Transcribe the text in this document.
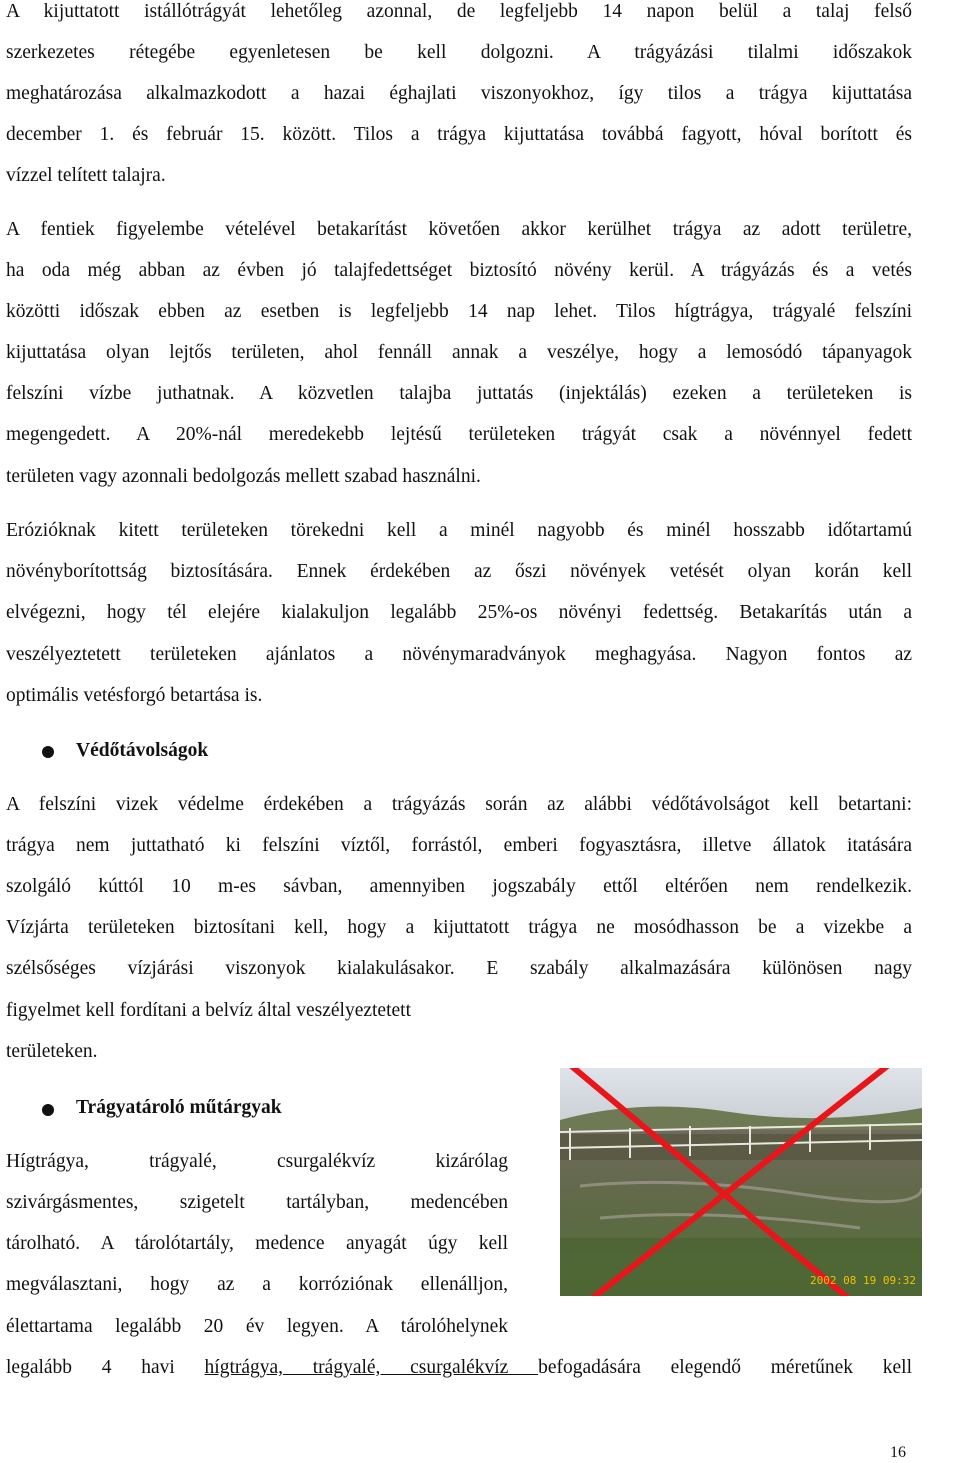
A kijuttatott istállótrágyát lehetőleg azonnal, de legfeljebb 14 napon belül a talaj felső
szerkezetes rétegébe egyenletesen be kell dolgozni. A trágyázási tilalmi időszakok
meghatározása alkalmazkodott a hazai éghajlati viszonyokhoz, így tilos a trágya kijuttatása
december 1. és február 15. között. Tilos a trágya kijuttatása továbbá fagyott, hóval borított és
vízzel telített talajra.
A fentiek figyelembe vételével betakarítást követően akkor kerülhet trágya az adott területre,
ha oda még abban az évben jó talajfedettséget biztosító növény kerül. A trágyázás és a vetés
közötti időszak ebben az esetben is legfeljebb 14 nap lehet. Tilos hígtrágya, trágyalé felszíni
kijuttatása olyan lejtős területen, ahol fennáll annak a veszélye, hogy a lemosódó tápanyagok
felszíni vízbe juthatnak. A közvetlen talajba juttatás (injektálás) ezeken a területeken is
megengedett. A 20%-nál meredekebb lejtésű területeken trágyát csak a növénnyel fedett
területen vagy azonnali bedolgozás mellett szabad használni.
Erózióknak kitett területeken törekedni kell a minél nagyobb és minél hosszabb időtartamú
növényborítottság biztosítására. Ennek érdekében az őszi növények vetését olyan korán kell
elvégezni, hogy tél elejére kialakuljon legalább 25%-os növényi fedettség. Betakarítás után a
veszélyeztetett területeken ajánlatos a növénymaradványok meghagyása. Nagyon fontos az
optimális vetésforgó betartása is.
Védőtávolságok
A felszíni vizek védelme érdekében a trágyázás során az alábbi védőtávolságot kell betartani:
trágya nem juttatható ki felszíni víztől, forrástól, emberi fogyasztásra, illetve állatok itatására
szolgáló kúttól 10 m-es sávban, amennyiben jogszabály ettől eltérően nem rendelkezik.
Vízjárta területeken biztosítani kell, hogy a kijuttatott trágya ne mosódhasson be a vizekbe a
szélsőséges vízjárási viszonyok kialakulásakor. E szabály alkalmazására különösen nagy
figyelmet kell fordítani a belvíz által veszélyeztetett
területeken.
Trágyatároló műtárgyak
Hígtrágya, trágyalé, csurgalékvíz kizárólag
szivárgásmentes, szigetelt tartályban, medencében
tárolható. A tárolótartály, medence anyagát úgy kell
megválasztani, hogy az a korróziónak ellenálljon,
élettartama legalább 20 év legyen. A tárolóhelynek
legalább 4 havi hígtrágya, trágyalé, csurgalékvíz befogadására elegendő méretűnek kell
2002 08 19 09:32
16
